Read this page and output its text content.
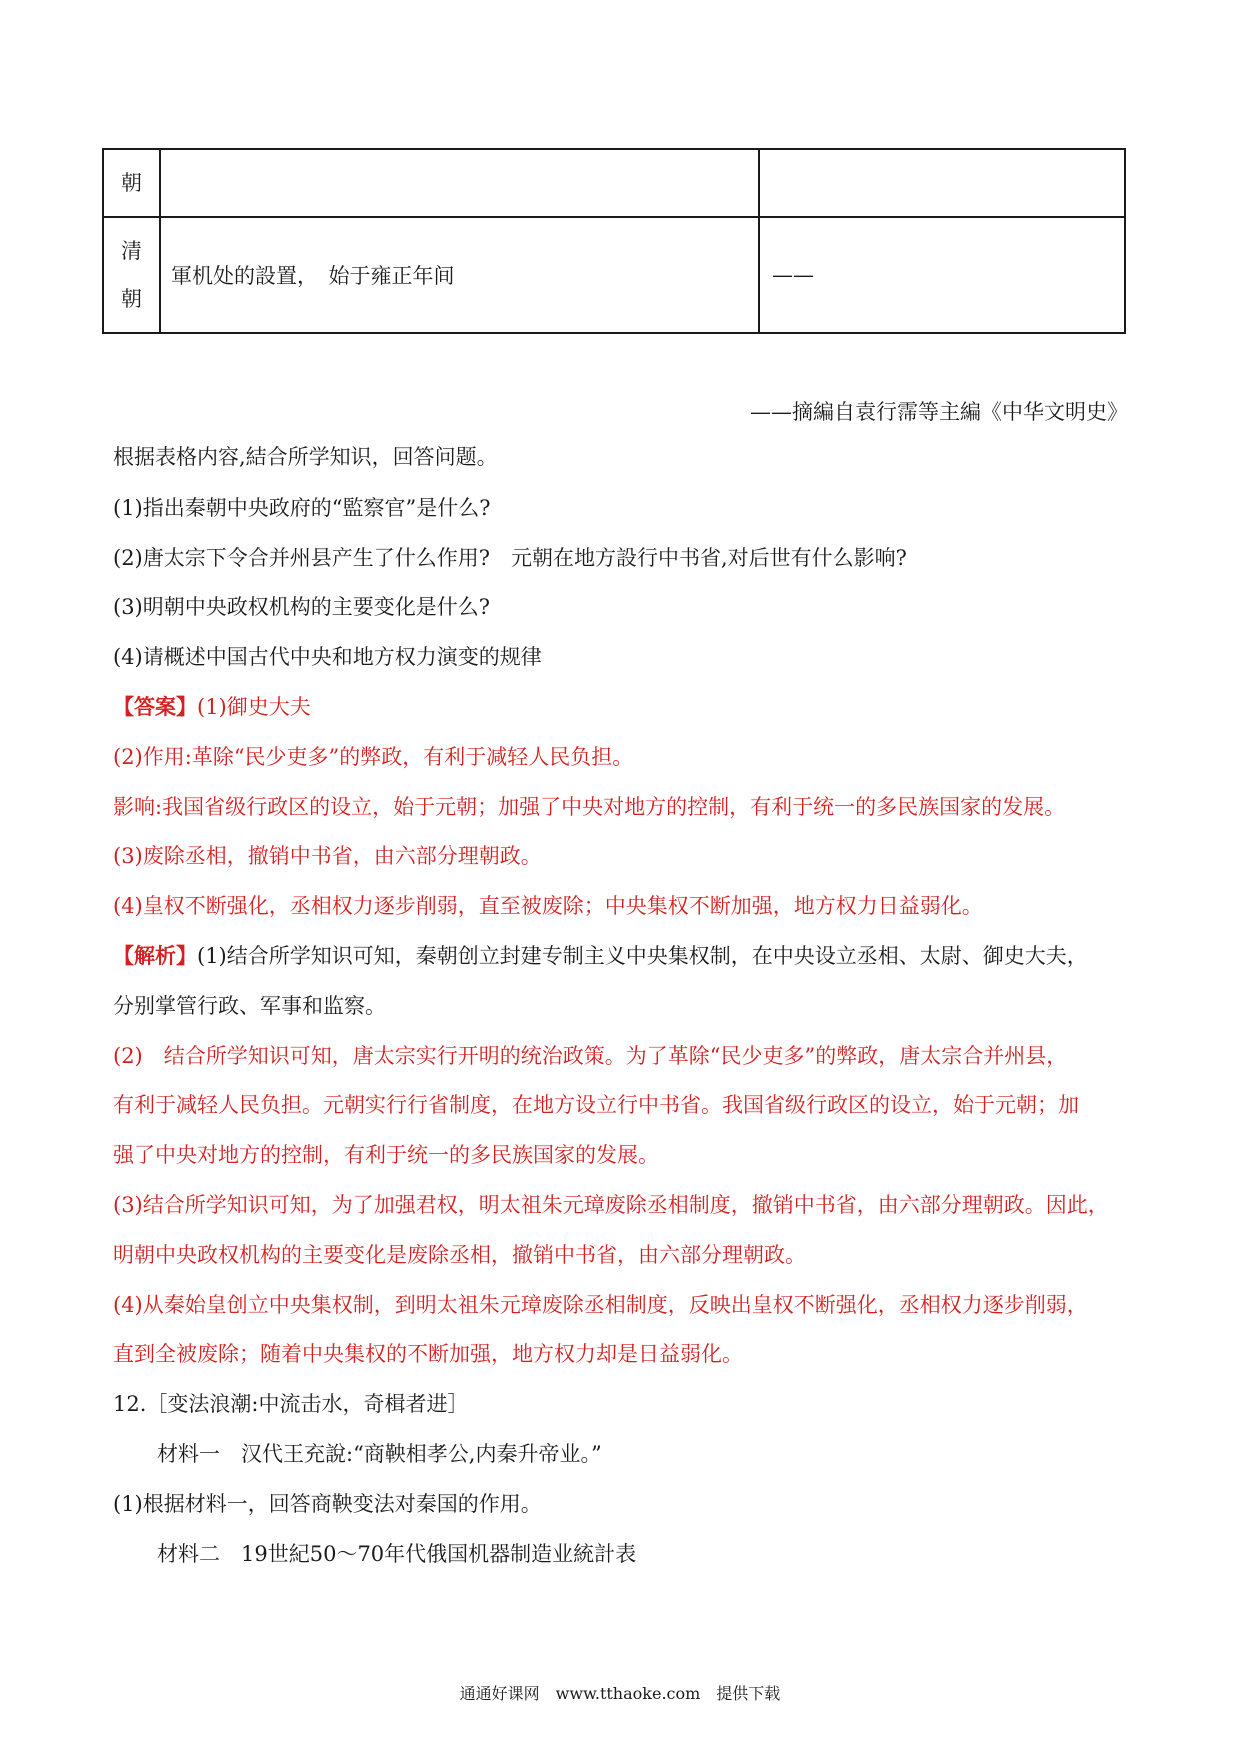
朝		

清
朝	軍机处的設置，　始于雍正年间	——
——摘編自袁行霈等主編《中华文明史》
根据表格内容,結合所学知识，回答问题。
(1)指出秦朝中央政府的“監察官”是什么?
(2)唐太宗下令合并州县产生了什么作用?　元朝在地方設行中书省,对后世有什么影响?
(3)明朝中央政权机构的主要变化是什么?
(4)请概述中国古代中央和地方权力演变的规律
【答案】(1)御史大夫
(2)作用:革除“民少吏多”的弊政，有利于减轻人民负担。
影响:我国省级行政区的设立，始于元朝；加强了中央对地方的控制，有利于统一的多民族国家的发展。
(3)废除丞相，撤销中书省，由六部分理朝政。
(4)皇权不断强化，丞相权力逐步削弱，直至被废除；中央集权不断加强，地方权力日益弱化。
【解析】(1)结合所学知识可知，秦朝创立封建专制主义中央集权制，在中央设立丞相、太尉、御史大夫，
分别掌管行政、军事和监察。
(2)　结合所学知识可知，唐太宗实行开明的统治政策。为了革除“民少吏多”的弊政，唐太宗合并州县，
有利于减轻人民负担。元朝实行行省制度，在地方设立行中书省。我国省级行政区的设立，始于元朝；加
强了中央对地方的控制，有利于统一的多民族国家的发展。
(3)结合所学知识可知，为了加强君权，明太祖朱元璋废除丞相制度，撤销中书省，由六部分理朝政。因此，
明朝中央政权机构的主要变化是废除丞相，撤销中书省，由六部分理朝政。
(4)从秦始皇创立中央集权制，到明太祖朱元璋废除丞相制度，反映出皇权不断强化，丞相权力逐步削弱，
直到全被废除；随着中央集权的不断加强，地方权力却是日益弱化。
12.［变法浪潮:中流击水，奇楫者进］
材料一　汉代王充說:“商鞅相孝公,内秦升帝业。”
(1)根据材料一，回答商鞅变法对秦国的作用。
材料二　19世紀50～70年代俄国机器制造业統計表
通通好课网　www.tthaoke.com　提供下载
